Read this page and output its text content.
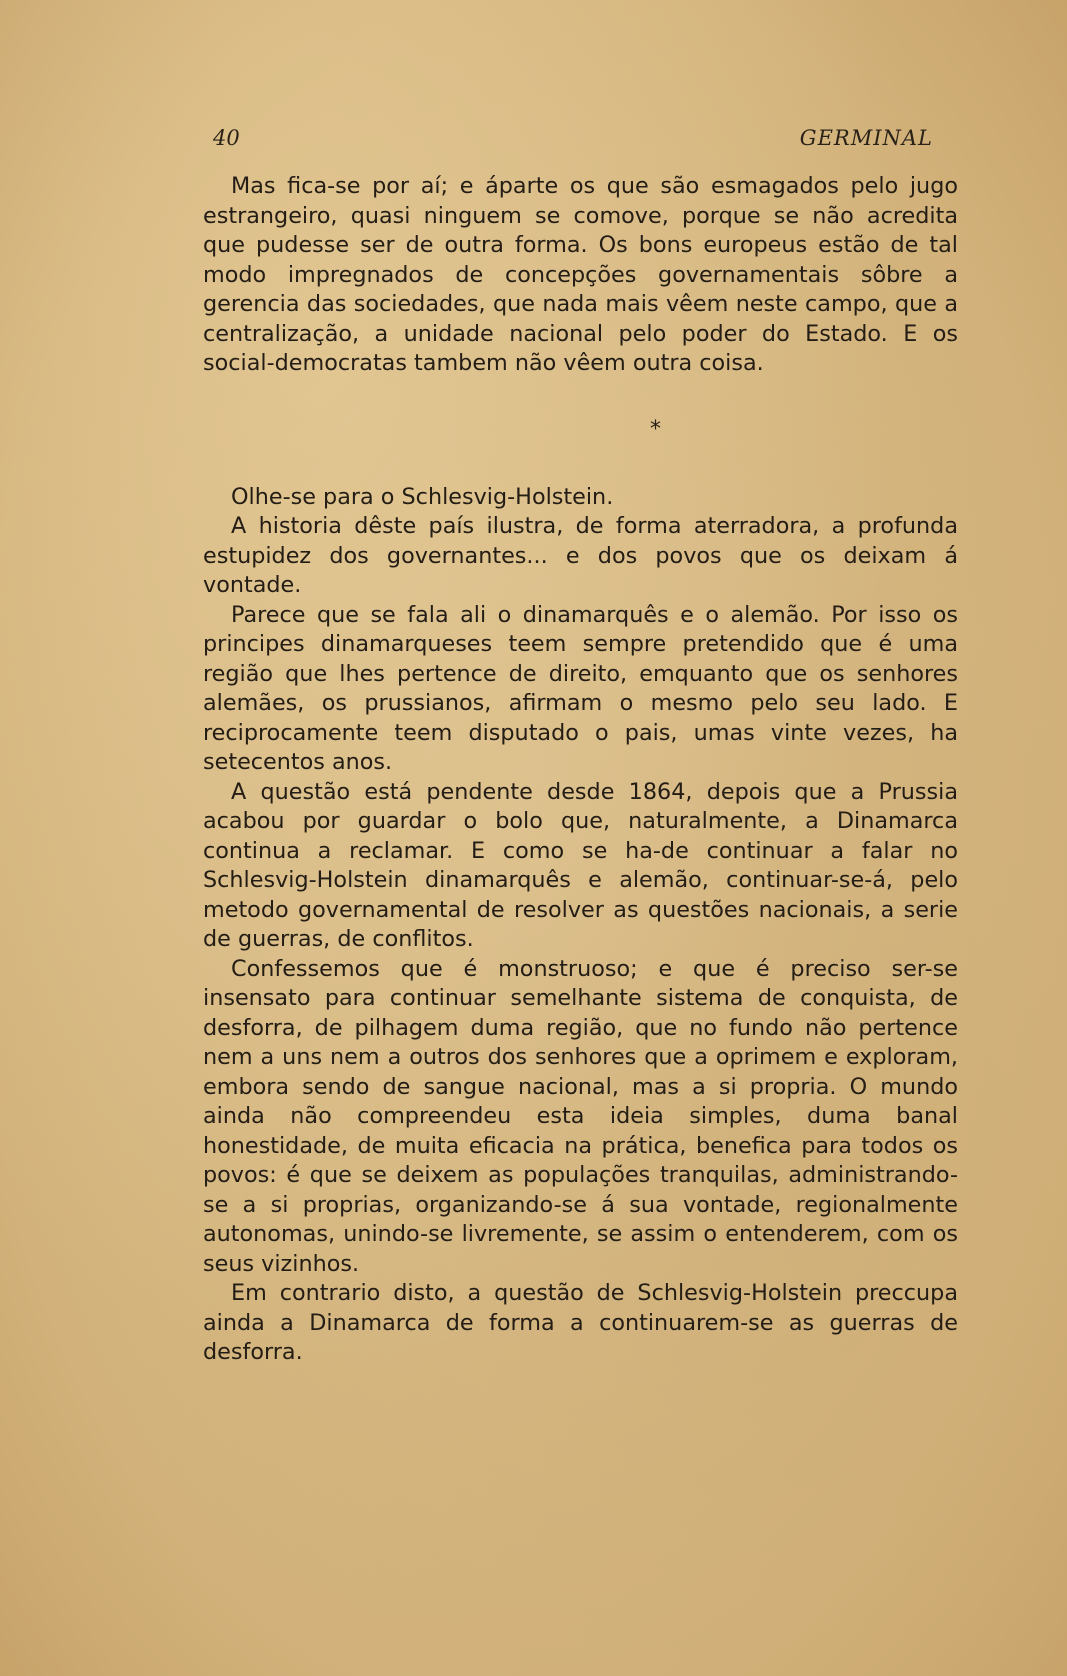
40	GERMINAL

Mas fica-se por aí; e áparte os que são esmagados pelo jugo estrangeiro, quasi ninguem se comove, porque se não acredita que pudesse ser de outra forma. Os bons europeus estão de tal modo impregnados de concepções governamentais sôbre a gerencia das sociedades, que nada mais vêem neste campo, que a centralização, a unidade nacional pelo poder do Estado. E os social-democratas tambem não vêem outra coisa.

*

Olhe-se para o Schlesvig-Holstein.

A historia dêste país ilustra, de forma aterradora, a profunda estupidez dos governantes... e dos povos que os deixam á vontade.

Parece que se fala ali o dinamarquês e o alemão. Por isso os principes dinamarqueses teem sempre pretendido que é uma região que lhes pertence de direito, emquanto que os senhores alemães, os prussianos, afirmam o mesmo pelo seu lado. E reciprocamente teem disputado o pais, umas vinte vezes, ha setecentos anos.

A questão está pendente desde 1864, depois que a Prussia acabou por guardar o bolo que, naturalmente, a Dinamarca continua a reclamar. E como se ha-de continuar a falar no Schlesvig-Holstein dinamarquês e alemão, continuar-se-á, pelo metodo governamental de resolver as questões nacionais, a serie de guerras, de conflitos.

Confessemos que é monstruoso; e que é preciso ser-se insensato para continuar semelhante sistema de conquista, de desforra, de pilhagem duma região, que no fundo não pertence nem a uns nem a outros dos senhores que a oprimem e exploram, embora sendo de sangue nacional, mas a si propria. O mundo ainda não compreendeu esta ideia simples, duma banal honestidade, de muita eficacia na prática, benefica para todos os povos: é que se deixem as populações tranquilas, administrando-se a si proprias, organizando-se á sua vontade, regionalmente autonomas, unindo-se livremente, se assim o entenderem, com os seus vizinhos.

Em contrario disto, a questão de Schlesvig-Holstein preccupa ainda a Dinamarca de forma a continuarem-se as guerras de desforra.
